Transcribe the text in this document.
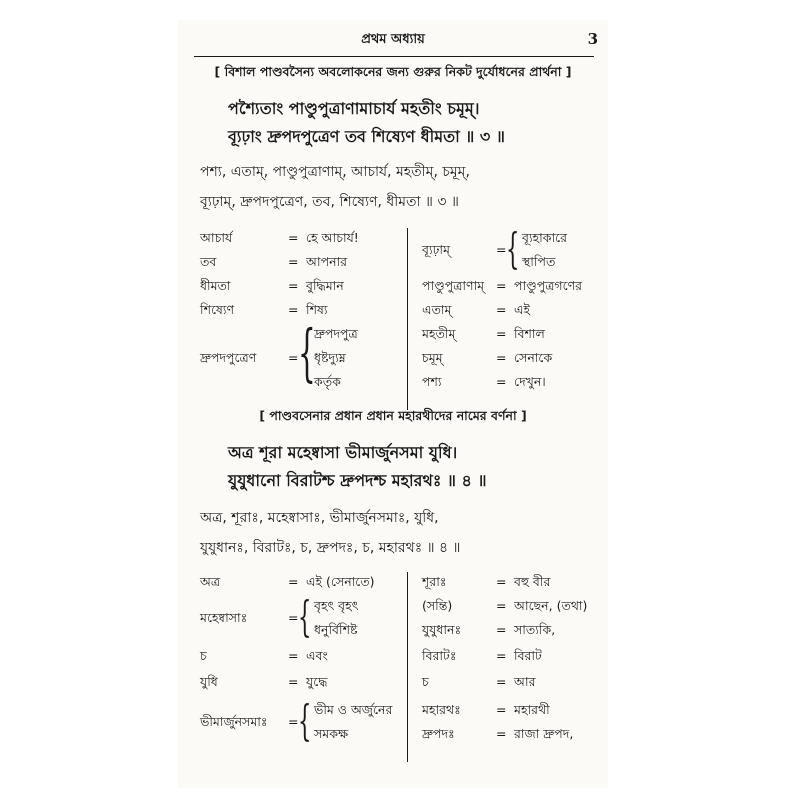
প্রথম অধ্যায়	3
[ বিশাল পাণ্ডবসৈন্য অবলোকনের জন্য গুরুর নিকট দুর্যোধনের প্রার্থনা ]
পশ্যৈতাং পাণ্ডুপুত্রাণামাচার্য মহতীং চমূম্।
ব্যূঢ়াং দ্রুপদপুত্রেণ তব শিষ্যেণ ধীমতা ॥ ৩ ॥
পশ্য, এতাম্, পাণ্ডুপুত্রাণাম্, আচার্য, মহতীম্, চমূম্,
ব্যূঢ়াম্, দ্রুপদপুত্রেণ, তব, শিষ্যেণ, ধীমতা ॥ ৩ ॥
আচার্য	= হে আচার্য!
তব	= আপনার
ধীমতা	= বুদ্ধিমান
শিষ্যেণ	= শিষ্য
দ্রুপদপুত্রেণ	= {
দ্রুপদপুত্র
ধৃষ্টদ্যুম্ন
কর্তৃক
ব্যূঢ়াম্	= { ব্যূহাকারে
স্থাপিত
পাণ্ডুপুত্রাণাম্ = পাণ্ডুপুত্রগণের
এতাম্	= এই
মহতীম্	= বিশাল
চমূম্	= সেনাকে
পশ্য	= দেখুন।
[ পাণ্ডবসেনার প্রধান প্রধান মহারথীদের নামের বর্ণনা ]
অত্র শূরা মহেষ্বাসা ভীমার্জুনসমা যুধি।
যুযুধানো বিরাটশ্চ দ্রুপদশ্চ মহারথঃ ॥ ৪ ॥
অত্র, শূরাঃ, মহেষ্বাসাঃ, ভীমার্জুনসমাঃ, যুধি,
যুযুধানঃ, বিরাটঃ, চ, দ্রুপদঃ, চ, মহারথঃ ॥ ৪ ॥
অত্র	= এই (সেনাতে)
মহেষ্বাসাঃ	= { বৃহৎ বৃহৎ
ধনুর্বিশিষ্ট
চ	= এবং
যুধি	= যুদ্ধে
ভীমার্জুনসমাঃ = { ভীম ও অর্জুনের
সমকক্ষ
শূরাঃ	= বহু বীর
(সন্তি)	= আছেন, (তথা)
যুযুধানঃ	= সাত্যকি,
বিরাটঃ	= বিরাট
চ	= আর
মহারথঃ	= মহারথী
দ্রুপদঃ	= রাজা দ্রুপদ,
